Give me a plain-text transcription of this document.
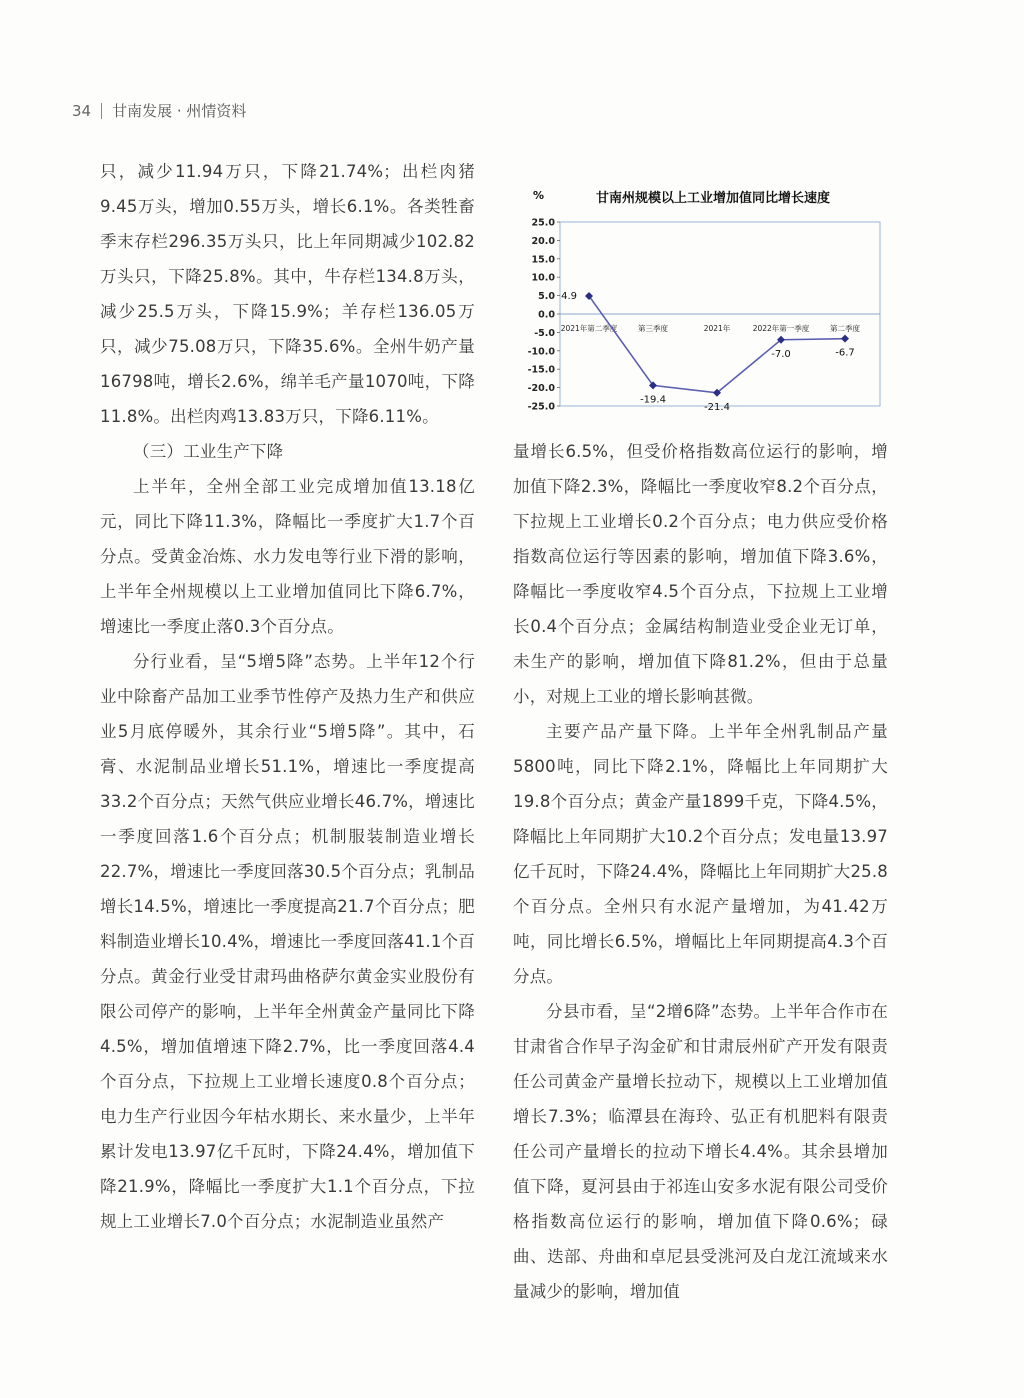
34 甘南发展 · 州情资料

只，减少11.94万只，下降21.74%；出栏肉猪9.45万头，增加0.55万头，增长6.1%。各类牲畜季末存栏296.35万头只，比上年同期减少102.82万头只，下降25.8%。其中，牛存栏134.8万头，减少25.5万头，下降15.9%；羊存栏136.05万只，减少75.08万只，下降35.6%。全州牛奶产量16798吨，增长2.6%，绵羊毛产量1070吨，下降11.8%。出栏肉鸡13.83万只，下降6.11%。

（三）工业生产下降

上半年，全州全部工业完成增加值13.18亿元，同比下降11.3%，降幅比一季度扩大1.7个百分点。受黄金冶炼、水力发电等行业下滑的影响，上半年全州规模以上工业增加值同比下降6.7%，增速比一季度止落0.3个百分点。

分行业看，呈“5增5降”态势。上半年12个行业中除畜产品加工业季节性停产及热力生产和供应业5月底停暖外，其余行业“5增5降”。其中，石膏、水泥制品业增长51.1%，增速比一季度提高33.2个百分点；天然气供应业增长46.7%，增速比一季度回落1.6个百分点；机制服装制造业增长22.7%，增速比一季度回落30.5个百分点；乳制品增长14.5%，增速比一季度提高21.7个百分点；肥料制造业增长10.4%，增速比一季度回落41.1个百分点。黄金行业受甘肃玛曲格萨尔黄金实业股份有限公司停产的影响，上半年全州黄金产量同比下降4.5%，增加值增速下降2.7%，比一季度回落4.4个百分点，下拉规上工业增长速度0.8个百分点；电力生产行业因今年枯水期长、来水量少，上半年累计发电13.97亿千瓦时，下降24.4%，增加值下降21.9%，降幅比一季度扩大1.1个百分点，下拉规上工业增长7.0个百分点；水泥制造业虽然产

甘南州规模以上工业增加值同比增长速度
%
25.0
20.0
15.0
10.0
5.0
0.0
-5.0
-10.0
-15.0
-20.0
-25.0
2021年第二季度	第三季度	2021年	2022年第一季度	第二季度
4.9
-19.4
-21.4
-7.0	-6.7

量增长6.5%，但受价格指数高位运行的影响，增加值下降2.3%，降幅比一季度收窄8.2个百分点，下拉规上工业增长0.2个百分点；电力供应受价格指数高位运行等因素的影响，增加值下降3.6%，降幅比一季度收窄4.5个百分点，下拉规上工业增长0.4个百分点；金属结构制造业受企业无订单，未生产的影响，增加值下降81.2%，但由于总量小，对规上工业的增长影响甚微。

主要产品产量下降。上半年全州乳制品产量5800吨，同比下降2.1%，降幅比上年同期扩大19.8个百分点；黄金产量1899千克，下降4.5%，降幅比上年同期扩大10.2个百分点；发电量13.97亿千瓦时，下降24.4%，降幅比上年同期扩大25.8个百分点。全州只有水泥产量增加，为41.42万吨，同比增长6.5%，增幅比上年同期提高4.3个百分点。

分县市看，呈“2增6降”态势。上半年合作市在甘肃省合作早子沟金矿和甘肃辰州矿产开发有限责任公司黄金产量增长拉动下，规模以上工业增加值增长7.3%；临潭县在海玲、弘正有机肥料有限责任公司产量增长的拉动下增长4.4%。其余县增加值下降，夏河县由于祁连山安多水泥有限公司受价格指数高位运行的影响，增加值下降0.6%；碌曲、迭部、舟曲和卓尼县受洮河及白龙江流域来水量减少的影响，增加值
